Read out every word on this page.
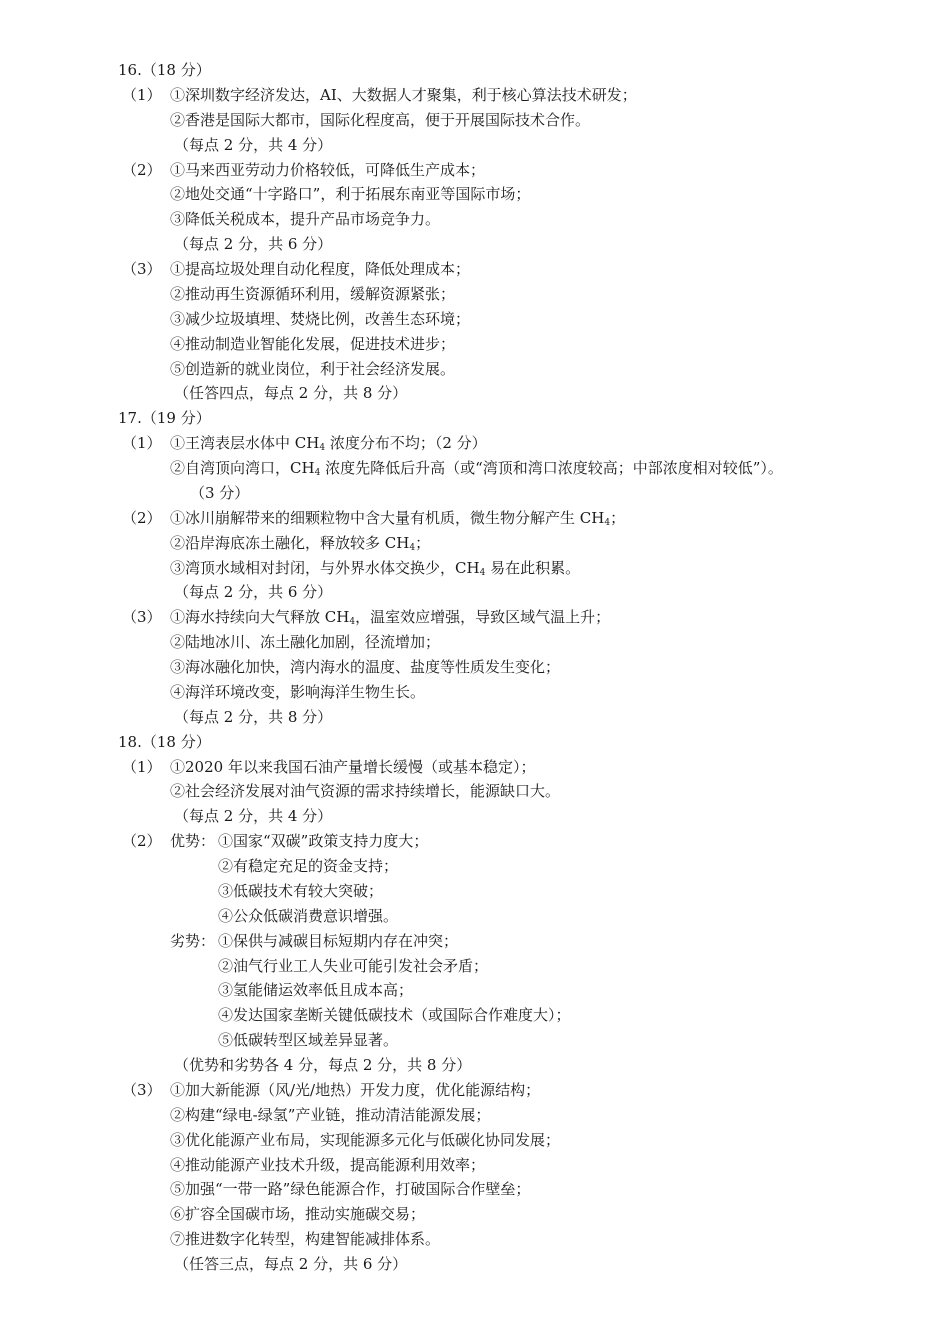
16.（18 分）
（1） ①深圳数字经济发达，AI、大数据人才聚集，利于核心算法技术研发；
②香港是国际大都市，国际化程度高，便于开展国际技术合作。
（每点 2 分，共 4 分）
（2） ①马来西亚劳动力价格较低，可降低生产成本；
②地处交通“十字路口”，利于拓展东南亚等国际市场；
③降低关税成本，提升产品市场竞争力。
（每点 2 分，共 6 分）
（3） ①提高垃圾处理自动化程度，降低处理成本；
②推动再生资源循环利用，缓解资源紧张；
③减少垃圾填埋、焚烧比例，改善生态环境；
④推动制造业智能化发展，促进技术进步；
⑤创造新的就业岗位，利于社会经济发展。
（任答四点，每点 2 分，共 8 分）
17.（19 分）
（1） ①王湾表层水体中 $CH_4$ 浓度分布不均；（2 分）
②自湾顶向湾口，$CH_4$ 浓度先降低后升高（或“湾顶和湾口浓度较高；中部浓度相对较低”）。
（3 分）
（2） ①冰川崩解带来的细颗粒物中含大量有机质，微生物分解产生 $CH_4$；
②沿岸海底冻土融化，释放较多 $CH_4$；
③湾顶水域相对封闭，与外界水体交换少，$CH_4$ 易在此积累。
（每点 2 分，共 6 分）
（3） ①海水持续向大气释放 $CH_4$，温室效应增强，导致区域气温上升；
②陆地冰川、冻土融化加剧，径流增加；
③海冰融化加快，湾内海水的温度、盐度等性质发生变化；
④海洋环境改变，影响海洋生物生长。
（每点 2 分，共 8 分）
18.（18 分）
（1） ①2020 年以来我国石油产量增长缓慢（或基本稳定）；
②社会经济发展对油气资源的需求持续增长，能源缺口大。
（每点 2 分，共 4 分）
（2） 优势： ①国家“双碳”政策支持力度大；
②有稳定充足的资金支持；
③低碳技术有较大突破；
④公众低碳消费意识增强。
劣势： ①保供与减碳目标短期内存在冲突；
②油气行业工人失业可能引发社会矛盾；
③氢能储运效率低且成本高；
④发达国家垄断关键低碳技术（或国际合作难度大）；
⑤低碳转型区域差异显著。
（优势和劣势各 4 分，每点 2 分，共 8 分）
（3） ①加大新能源（风/光/地热）开发力度，优化能源结构；
②构建“绿电-绿氢”产业链，推动清洁能源发展；
③优化能源产业布局，实现能源多元化与低碳化协同发展；
④推动能源产业技术升级，提高能源利用效率；
⑤加强“一带一路”绿色能源合作，打破国际合作壁垒；
⑥扩容全国碳市场，推动实施碳交易；
⑦推进数字化转型，构建智能减排体系。
（任答三点，每点 2 分，共 6 分）
